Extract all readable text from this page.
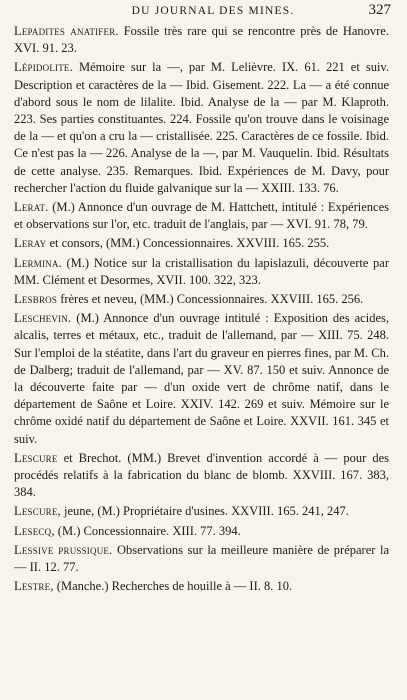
DU JOURNAL DES MINES.	327

Lepadites anatifer. Fossile très rare qui se rencontre près de Hanovre. XVI. 91. 23.

Lépidolite. Mémoire sur la —, par M. Lelièvre. IX. 61. 221 et suiv. Description et caractères de la — Ibid. Gisement. 222. La — a été connue d'abord sous le nom de lilalite. Ibid. Analyse de la — par M. Klaproth. 223. Ses parties constituantes. 224. Fossile qu'on trouve dans le voisinage de la — et qu'on a cru la — cristallisée. 225. Caractères de ce fossile. Ibid. Ce n'est pas la — 226. Analyse de la —, par M. Vauquelin. Ibid. Résultats de cette analyse. 235. Remarques. Ibid. Expériences de M. Davy, pour rechercher l'action du fluide galvanique sur la — XXIII. 133. 76.

Lerat. (M.) Annonce d'un ouvrage de M. Hattchett, intitulé : Expériences et observations sur l'or, etc. traduit de l'anglais, par — XVI. 91. 78, 79.

Leray et consors, (MM.) Concessionnaires. XXVIII. 165. 255.

Lermina. (M.) Notice sur la cristallisation du lapislazuli, découverte par MM. Clément et Desormes, XVII. 100. 322, 323.

Lesbros frères et neveu, (MM.) Concessionnaires. XXVIII. 165. 256.

Leschevin. (M.) Annonce d'un ouvrage intitulé : Exposition des acides, alcalis, terres et métaux, etc., traduit de l'allemand, par — XIII. 75. 248. Sur l'emploi de la stéatite, dans l'art du graveur en pierres fines, par M. Ch. de Dalberg; traduit de l'allemand, par — XV. 87. 150 et suiv. Annonce de la découverte faite par — d'un oxide vert de chrôme natif, dans le département de Saône et Loire. XXIV. 142. 269 et suiv. Mémoire sur le chrôme oxidé natif du département de Saône et Loire. XXVII. 161. 345 et suiv.

Lescure et Brechot. (MM.) Brevet d'invention accordé à — pour des procédés relatifs à la fabrication du blanc de blomb. XXVIII. 167. 383, 384.

Lescure, jeune, (M.) Propriétaire d'usines. XXVIII. 165. 241, 247.

Lesecq, (M.) Concessionnaire. XIII. 77. 394.

Lessive prussique. Observations sur la meilleure manière de préparer la — II. 12. 77.

Lestre, (Manche.) Recherches de houille à — II. 8. 10.
